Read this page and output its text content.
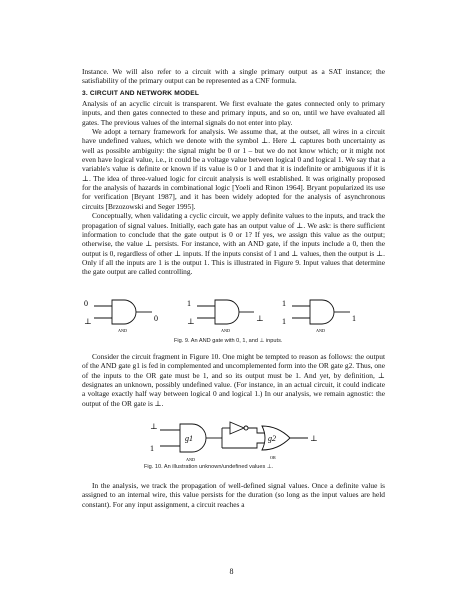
Instance. We will also refer to a circuit with a single primary output as a SAT instance; the satisfiability of the primary output can be represented as a CNF formula.

3. CIRCUIT AND NETWORK MODEL

Analysis of an acyclic circuit is transparent. We first evaluate the gates connected only to primary inputs, and then gates connected to these and primary inputs, and so on, until we have evaluated all gates. The previous values of the internal signals do not enter into play.

We adopt a ternary framework for analysis. We assume that, at the outset, all wires in a circuit have undefined values, which we denote with the symbol ⊥. Here ⊥ captures both uncertainty as well as possible ambiguity: the signal might be 0 or 1 – but we do not know which; or it might not even have logical value, i.e., it could be a voltage value between logical 0 and logical 1. We say that a variable's value is definite or known if its value is 0 or 1 and that it is indefinite or ambiguous if it is ⊥. The idea of three-valued logic for circuit analysis is well established. It was originally proposed for the analysis of hazards in combinational logic [Yoeli and Rinon 1964]. Bryant popularized its use for verification [Bryant 1987], and it has been widely adopted for the analysis of asynchronous circuits [Brzozowski and Seger 1995].

Conceptually, when validating a cyclic circuit, we apply definite values to the inputs, and track the propagation of signal values. Initially, each gate has an output value of ⊥. We ask: is there sufficient information to conclude that the gate output is 0 or 1? If yes, we assign this value as the output; otherwise, the value ⊥ persists. For instance, with an AND gate, if the inputs include a 0, then the output is 0, regardless of other ⊥ inputs. If the inputs consist of 1 and ⊥ values, then the output is ⊥. Only if all the inputs are 1 is the output 1. This is illustrated in Figure 9. Input values that determine the gate output are called controlling.

0
⊥	0
1
⊥	⊥
1
1	1
AND	AND	AND
Fig. 9. An AND gate with 0, 1, and ⊥ inputs.

Consider the circuit fragment in Figure 10. One might be tempted to reason as follows: the output of the AND gate g1 is fed in complemented and uncomplemented form into the OR gate g2. Thus, one of the inputs to the OR gate must be 1, and so its output must be 1. And yet, by definition, ⊥ designates an unknown, possibly undefined value. (For instance, in an actual circuit, it could indicate a voltage exactly half way between logical 0 and logical 1.) In our analysis, we remain agnostic: the output of the OR gate is ⊥.

⊥
1
⊥
g1	g2
AND	OR
Fig. 10. An illustration unknown/undefined values ⊥.

In the analysis, we track the propagation of well-defined signal values. Once a definite value is assigned to an internal wire, this value persists for the duration (so long as the input values are held constant). For any input assignment, a circuit reaches a

8
